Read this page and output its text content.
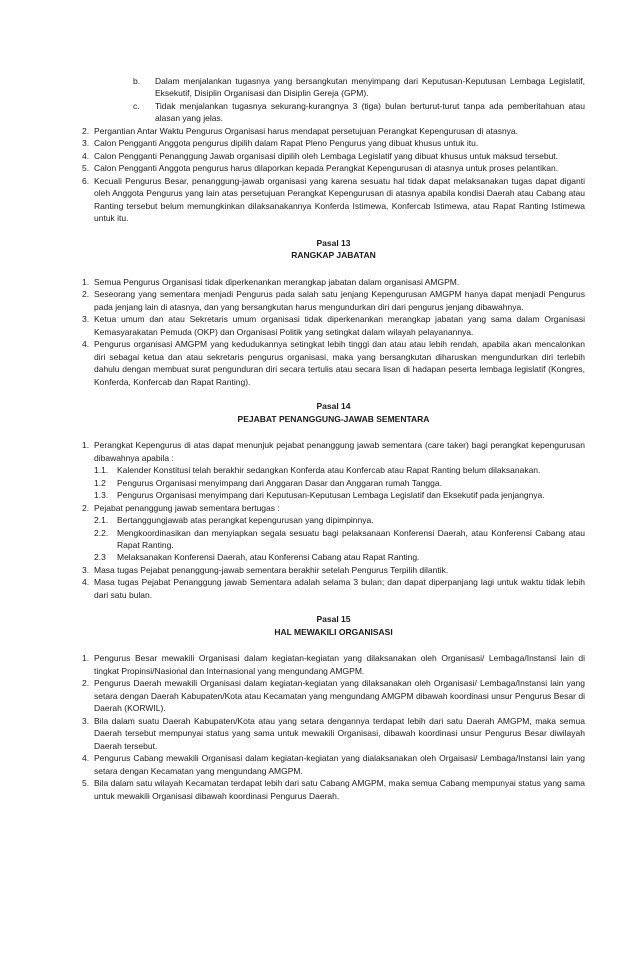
b.	Dalam menjalankan tugasnya yang bersangkutan menyimpang dari Keputusan-Keputusan Lembaga Legislatif, Eksekutif, Disiplin Organisasi dan Disiplin Gereja (GPM).
c.	Tidak menjalankan tugasnya sekurang-kurangnya 3 (tiga) bulan berturut-turut tanpa ada pemberitahuan atau alasan yang jelas.
2. Pergantian Antar Waktu Pengurus Organisasi harus mendapat persetujuan Perangkat Kepengurusan di atasnya.
3. Calon Pengganti Anggota pengurus dipilih dalam Rapat Pleno Pengurus yang dibuat khusus untuk itu.
4. Calon Pengganti Penanggung Jawab organisasi dipilih oleh Lembaga Legislatif yang dibuat khusus untuk maksud tersebut.
5. Calon Pengganti Anggota pengurus harus dilaporkan kepada Perangkat Kepengurusan di atasnya untuk proses pelantikan.
6. Kecuali Pengurus Besar, penanggung-jawab organisasi yang karena sesuatu hal tidak dapat melaksanakan tugas dapat diganti oleh Anggota Pengurus yang lain atas persetujuan Perangkat Kepengurusan di atasnya apabila kondisi Daerah atau Cabang atau Ranting tersebut belum memungkinkan dilaksanakannya Konferda Istimewa, Konfercab Istimewa, atau Rapat Ranting Istimewa untuk itu.
Pasal 13
RANGKAP JABATAN
1. Semua Pengurus Organisasi tidak diperkenankan merangkap jabatan dalam organisasi AMGPM.
2. Seseorang yang sementara menjadi Pengurus pada salah satu jenjang Kepengurusan AMGPM hanya dapat menjadi Pengurus pada jenjang lain di atasnya, dan yang bersangkutan harus mengundurkan diri dari pengurus jenjang dibawahnya.
3. Ketua umum dan atau Sekretaris umum organisasi tidak diperkenankan merangkap jabatan yang sama dalam Organisasi Kemasyarakatan Pemuda (OKP) dan Organisasi Politik yang setingkat dalam wilayah pelayanannya.
4. Pengurus organisasi AMGPM yang kedudukannya setingkat lebih tinggi dan atau atau lebih rendah, apabila akan mencalonkan diri sebagai ketua dan atau sekretaris pengurus organisasi, maka yang bersangkutan diharuskan mengundurkan diri terlebih dahulu dengan membuat surat pengunduran diri secara tertulis atau secara lisan di hadapan peserta lembaga legislatif (Kongres, Konferda, Konfercab dan Rapat Ranting).
Pasal 14
PEJABAT PENANGGUNG-JAWAB SEMENTARA
1. Perangkat Kepengurus di atas dapat menunjuk pejabat penanggung jawab sementara (care taker) bagi perangkat kepengurusan dibawahnya apabila :
1.1.	Kalender Konstitusi telah berakhir sedangkan Konferda atau Konfercab atau Rapat Ranting belum dilaksanakan.
1.2	Pengurus Organisasi menyimpang dari Anggaran Dasar dan Anggaran rumah Tangga.
1.3.	Pengurus Organisasi menyimpang dari Keputusan-Keputusan Lembaga Legislatif dan Eksekutif pada jenjangnya.
2. Pejabat penanggung jawab sementara bertugas :
2.1.	Bertanggungjawab atas perangkat kepengurusan yang dipimpinnya.
2.2.	Mengkoordinasikan dan menyiapkan segala sesuatu bagi pelaksanaan Konferensi Daerah, atau Konferensi Cabang atau Rapat Ranting.
2.3	Melaksanakan Konferensi Daerah, atau Konferensi Cabang atau Rapat Ranting.
3. Masa tugas Pejabat penanggung-jawab sementara berakhir setelah Pengurus Terpilih dilantik.
4. Masa tugas Pejabat Penanggung jawab Sementara adalah selama 3 bulan; dan dapat diperpanjang lagi untuk waktu tidak lebih dari satu bulan.
Pasal 15
HAL MEWAKILI ORGANISASI
1. Pengurus Besar mewakili Organisasi dalam kegiatan-kegiatan yang dilaksanakan oleh Organisasi/ Lembaga/Instansi lain di tingkat Propinsi/Nasional dan Internasional yang mengundang AMGPM.
2. Pengurus Daerah mewakili Organisasi dalam kegiatan-kegiatan yang dilaksanakan oleh Organisasi/ Lembaga/Instansi lain yang setara dengan Daerah Kabupaten/Kota atau Kecamatan yang mengundang AMGPM dibawah koordinasi unsur Pengurus Besar di Daerah (KORWIL).
3. Bila dalam suatu Daerah Kabupaten/Kota atau yang setara dengannya terdapat lebih dari satu Daerah AMGPM, maka semua Daerah tersebut mempunyai status yang sama untuk mewakili Organisasi, dibawah koordinasi unsur Pengurus Besar diwilayah Daerah tersebut.
4. Pengurus Cabang mewakili Organisasi dalam kegiatan-kegiatan yang dialaksanakan oleh Orgaisasi/ Lembaga/Instansi lain yang setara dengan Kecamatan yang mengundang AMGPM.
5. Bila dalam satu wilayah Kecamatan terdapat lebih dari satu Cabang AMGPM, maka semua Cabang mempunyai status yang sama untuk mewakili Organisasi dibawah koordinasi Pengurus Daerah.
